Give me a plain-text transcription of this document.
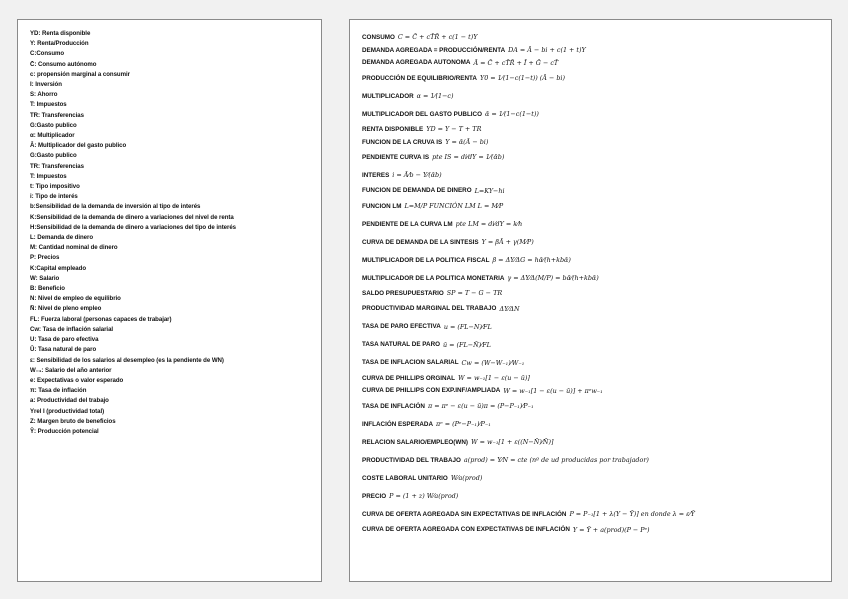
YD: Renta disponible
Y: Renta/Producción
C:Consumo
C̄: Consumo autónomo
c: propensión marginal a consumir
I: Inversión
S: Ahorro
T: Impuestos
TR: Transferencias
G:Gasto publico
α: Multiplicador
Ā: Multiplicador del gasto publico
G:Gasto publico
TR: Transferencias
T: Impuestos
t: Tipo impositivo
i: Tipo de interés
b:Sensibilidad de la demanda de inversión al tipo de interés
K:Sensibilidad de la demanda de dinero a variaciones del nivel de renta
H:Sensibilidad de la demanda de dinero a variaciones del tipo de interés
L: Demanda de dinero
M: Cantidad nominal de dinero
P: Precios
K:Capital empleado
W: Salario
B: Beneficio
N: Nivel de empleo de equilibrio
N̄: Nivel de pleno empleo
FL: Fuerza laboral (personas capaces de trabajar)
Cw: Tasa de inflación salarial
U: Tasa de paro efectiva
Ū: Tasa natural de paro
ε: Sensibilidad de los salarios al desempleo (es la pendiente de WN)
W₋₁: Salario del año anterior
e: Expectativas o valor esperado
π: Tasa de inflación
a: Productividad del trabajo
Yrel I (productividad total)
Z: Margen bruto de beneficios
Ȳ: Producción potencial
CONSUMO C = C̄ + cT̄R̄ + c(1 − t)Y
DEMANDA AGREGADA = PRODUCCIÓN/RENTA DA = Ā − bi + c(1 + t)Y
DEMANDA AGREGADA AUTONOMA Ā = C̄ + cT̄R̄ + Ī + Ḡ − cT̄
PRODUCCIÓN DE EQUILIBRIO/RENTA Y0 = 1⁄(1−c(1−t)) (Ā − bi)
MULTIPLICADOR α = 1⁄(1−c)
MULTIPLICADOR DEL GASTO PUBLICO ᾱ = 1⁄(1−c(1−t))
RENTA DISPONIBLE YD = Y − T + TR
FUNCION DE LA CRUVA IS Y = ᾱ(Ā − bi)
PENDIENTE CURVA IS pte IS = di⁄dY = 1⁄(ᾱb)
INTERES i = Ā⁄b − Y⁄(ᾱb)
FUNCION DE DEMANDA DE DINERO L=KY−hi
FUNCION LM L=M/P FUNCIÓN LM L = M⁄P
PENDIENTE DE LA CURVA LM pte LM = di⁄dY = k⁄h
CURVA DE DEMANDA DE LA SINTESIS Y = βĀ + γ(M⁄P)
MULTIPLICADOR DE LA POLITICA FISCAL β = ΔY⁄ΔG = hᾱ⁄(h+kbᾱ)
MULTIPLICADOR DE LA POLITICA MONETARIA γ = ΔY⁄Δ(M/P) = bᾱ⁄(h+kbᾱ)
SALDO PRESUPUESTARIO SP = T − G − TR
PRODUCTIVIDAD MARGINAL DEL TRABAJO ΔY⁄ΔN
TASA DE PARO EFECTIVA u = (FL−N)⁄FL
TASA NATURAL DE PARO ū = (FL−N̄)⁄FL
TASA DE INFLACION SALARIAL Cw = (W−W₋₁)⁄W₋₁
CURVA DE PHILLIPS ORGINAL W = w₋₁[1 − ε(u − ū)]
CURVA DE PHILLIPS CON EXP.INF/AMPLIADA W = w₋₁[1 − ε(u − ū)] + πᵉw₋₁
TASA DE INFLACIÓN π = πᵉ − ε(u − ū)π = (P−P₋₁)⁄P₋₁
INFLACIÓN ESPERADA πᵉ = (Pᵉ−P₋₁)⁄P₋₁
RELACION SALARIO/EMPLEO(WN) W = w₋₁[1 + ε((N−N̄)⁄N̄)]
PRODUCTIVIDAD DEL TRABAJO a(prod) = Y⁄N = cte (nº de ud producidas por trabajador)
COSTE LABORAL UNITARIO W⁄a(prod)
PRECIO P = (1 + z) W⁄a(prod)
CURVA DE OFERTA AGREGADA SIN EXPECTATIVAS DE INFLACIÓN P = P₋₁[1 + λ(Y − Ȳ)] en donde λ = ε⁄Ȳ
CURVA DE OFERTA AGREGADA CON EXPECTATIVAS DE INFLACIÓN Y = Ȳ + a(prod)(P − Pᵉ)
